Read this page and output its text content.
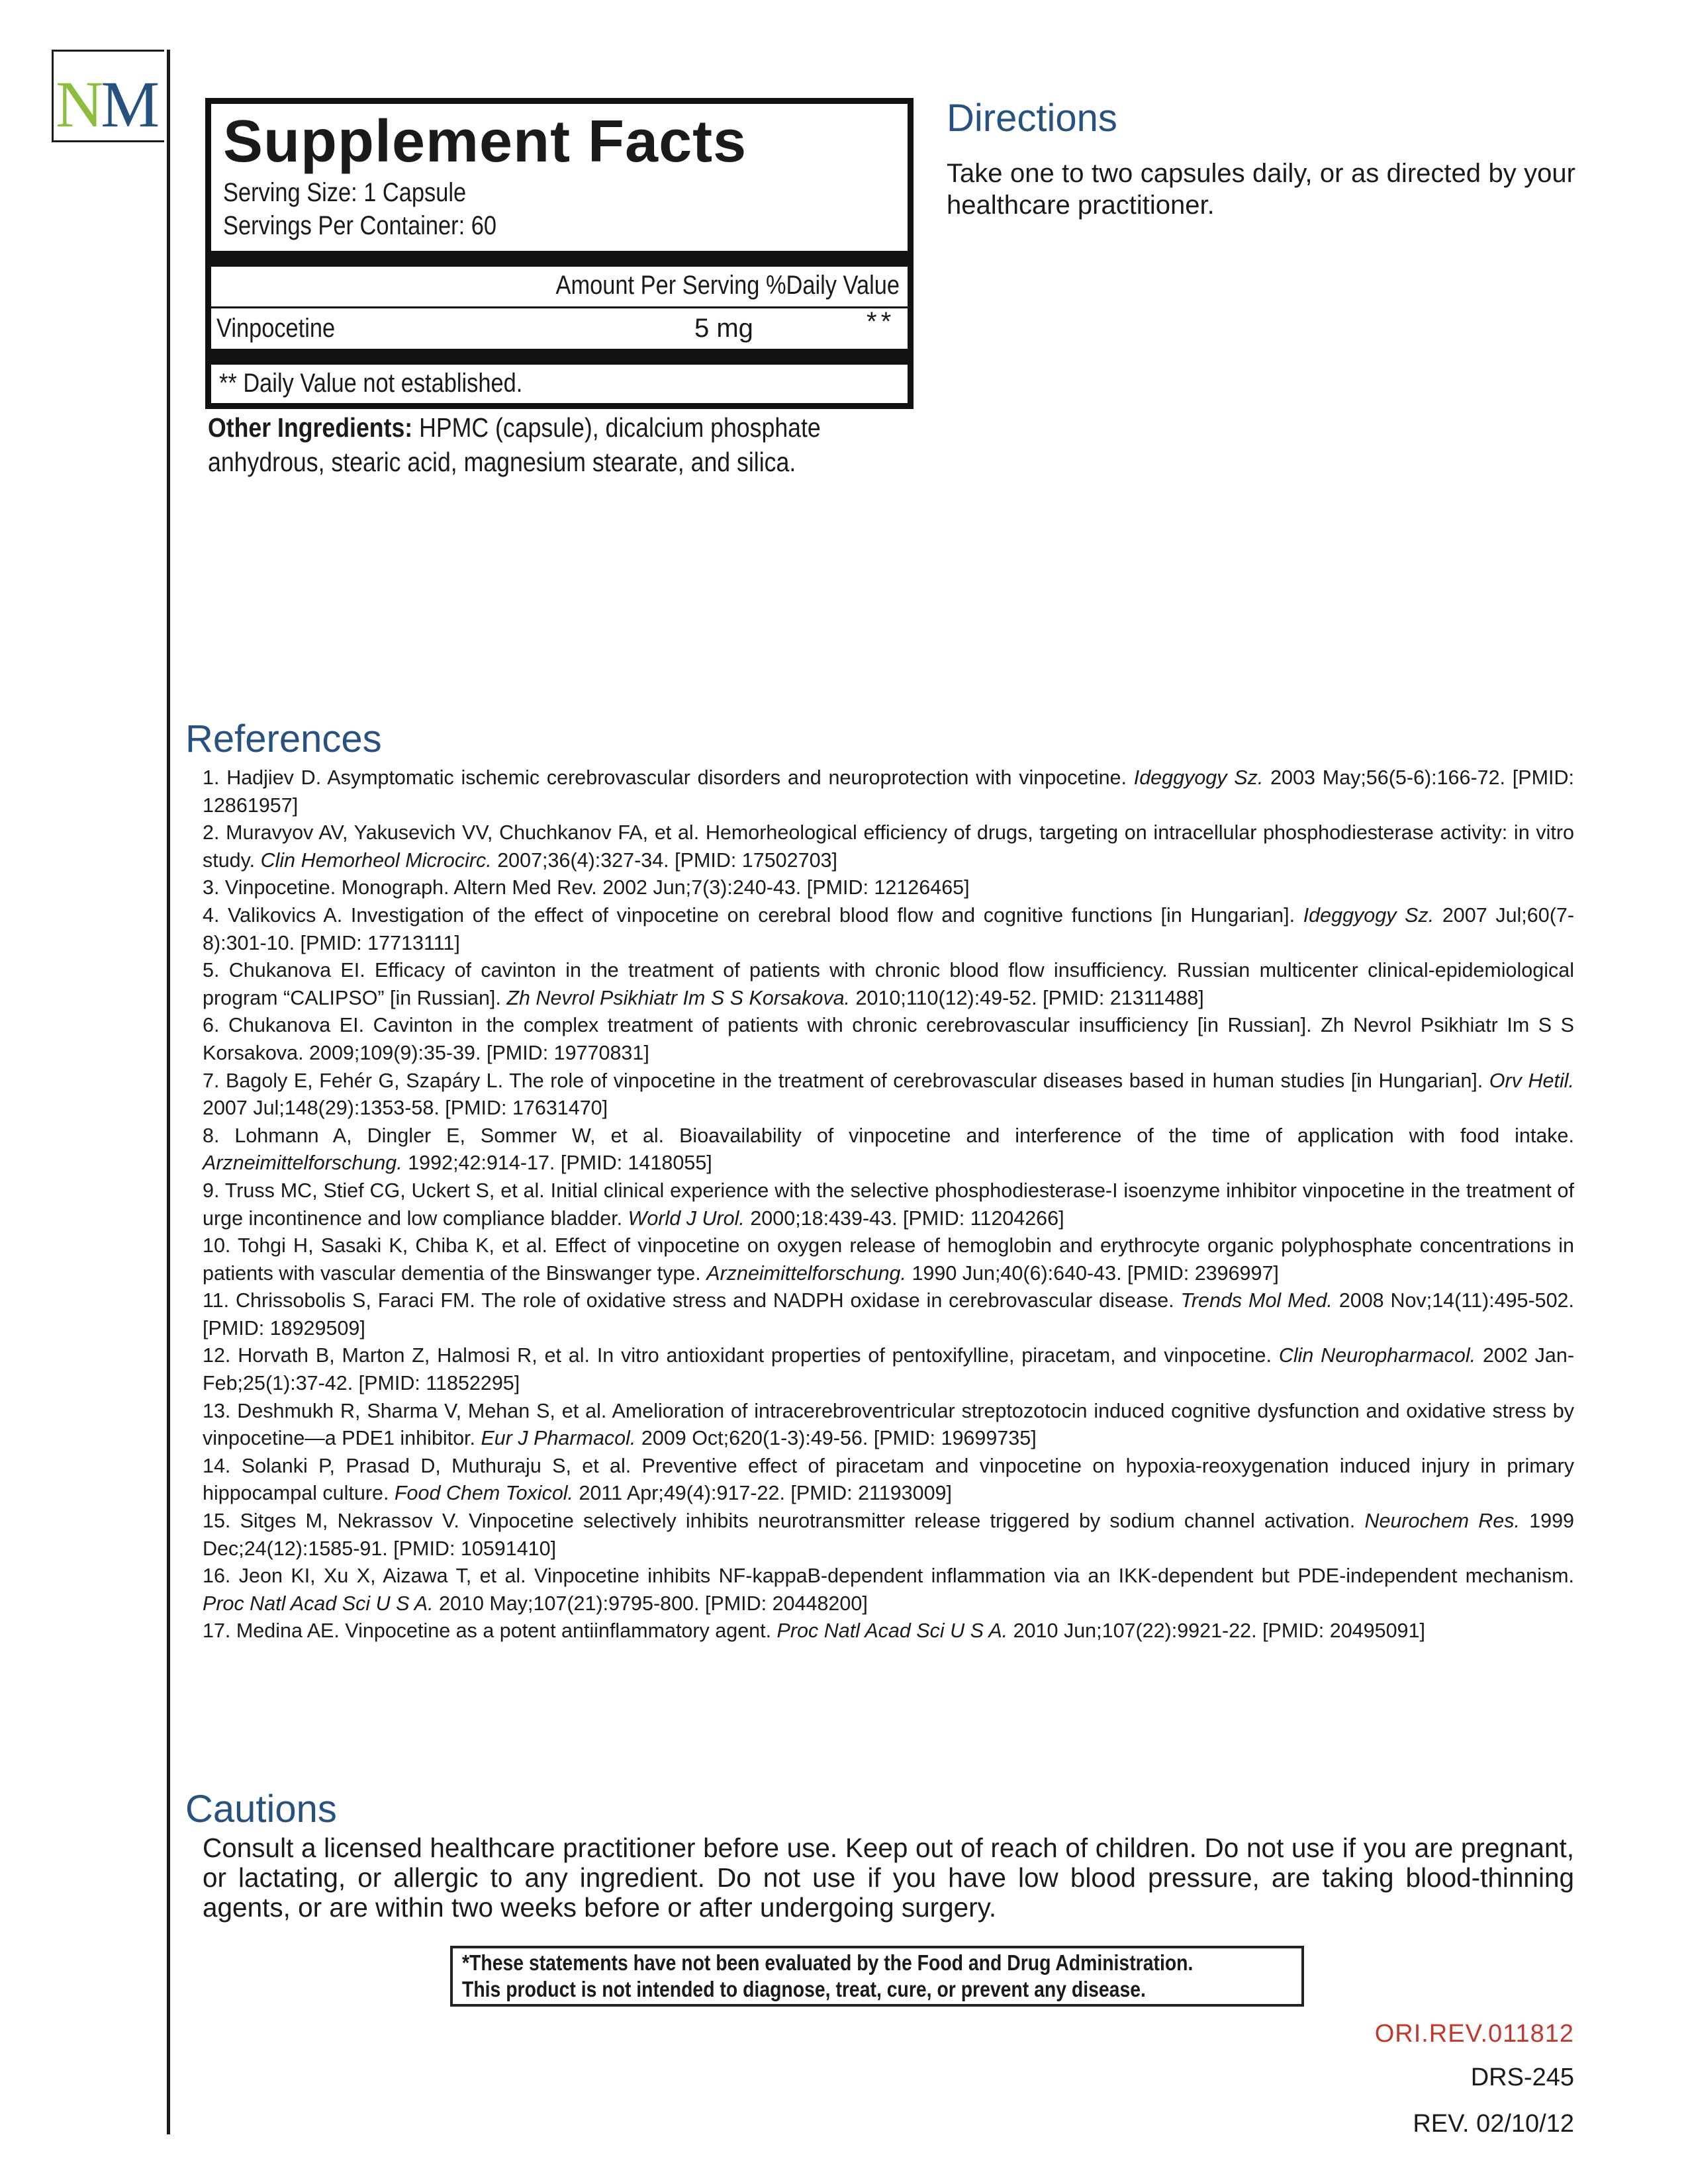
NM
Supplement Facts
Serving Size: 1 Capsule
Servings Per Container: 60
Amount Per Serving %Daily Value
Vinpocetine	5 mg	**
** Daily Value not established.
Other Ingredients: HPMC (capsule), dicalcium phosphate anhydrous, stearic acid, magnesium stearate, and silica.
Directions
Take one to two capsules daily, or as directed by your healthcare practitioner.
References

1. Hadjiev D. Asymptomatic ischemic cerebrovascular disorders and neuroprotection with vinpocetine. Ideggyogy Sz. 2003 May;56(5-6):166-72. [PMID: 12861957]

2. Muravyov AV, Yakusevich VV, Chuchkanov FA, et al. Hemorheological efficiency of drugs, targeting on intracellular phosphodiesterase activity: in vitro study. Clin Hemorheol Microcirc. 2007;36(4):327-34. [PMID: 17502703]

3. Vinpocetine. Monograph. Altern Med Rev. 2002 Jun;7(3):240-43. [PMID: 12126465]

4. Valikovics A. Investigation of the effect of vinpocetine on cerebral blood flow and cognitive functions [in Hungarian]. Ideggyogy Sz. 2007 Jul;60(7-8):301-10. [PMID: 17713111]

5. Chukanova EI. Efficacy of cavinton in the treatment of patients with chronic blood flow insufficiency. Russian multicenter clinical-epidemiological program “CALIPSO” [in Russian]. Zh Nevrol Psikhiatr Im S S Korsakova. 2010;110(12):49-52. [PMID: 21311488]

6. Chukanova EI. Cavinton in the complex treatment of patients with chronic cerebrovascular insufficiency [in Russian]. Zh Nevrol Psikhiatr Im S S Korsakova. 2009;109(9):35-39. [PMID: 19770831]

7. Bagoly E, Fehér G, Szapáry L. The role of vinpocetine in the treatment of cerebrovascular diseases based in human studies [in Hungarian]. Orv Hetil. 2007 Jul;148(29):1353-58. [PMID: 17631470]

8. Lohmann A, Dingler E, Sommer W, et al. Bioavailability of vinpocetine and interference of the time of application with food intake. Arzneimittelforschung. 1992;42:914-17. [PMID: 1418055]

9. Truss MC, Stief CG, Uckert S, et al. Initial clinical experience with the selective phosphodiesterase-I isoenzyme inhibitor vinpocetine in the treatment of urge incontinence and low compliance bladder. World J Urol. 2000;18:439-43. [PMID: 11204266]

10. Tohgi H, Sasaki K, Chiba K, et al. Effect of vinpocetine on oxygen release of hemoglobin and erythrocyte organic polyphosphate concentrations in patients with vascular dementia of the Binswanger type. Arzneimittelforschung. 1990 Jun;40(6):640-43. [PMID: 2396997]

11. Chrissobolis S, Faraci FM. The role of oxidative stress and NADPH oxidase in cerebrovascular disease. Trends Mol Med. 2008 Nov;14(11):495-502. [PMID: 18929509]

12. Horvath B, Marton Z, Halmosi R, et al. In vitro antioxidant properties of pentoxifylline, piracetam, and vinpocetine. Clin Neuropharmacol. 2002 Jan-Feb;25(1):37-42. [PMID: 11852295]

13. Deshmukh R, Sharma V, Mehan S, et al. Amelioration of intracerebroventricular streptozotocin induced cognitive dysfunction and oxidative stress by vinpocetine—a PDE1 inhibitor. Eur J Pharmacol. 2009 Oct;620(1-3):49-56. [PMID: 19699735]

14. Solanki P, Prasad D, Muthuraju S, et al. Preventive effect of piracetam and vinpocetine on hypoxia-reoxygenation induced injury in primary hippocampal culture. Food Chem Toxicol. 2011 Apr;49(4):917-22. [PMID: 21193009]

15. Sitges M, Nekrassov V. Vinpocetine selectively inhibits neurotransmitter release triggered by sodium channel activation. Neurochem Res. 1999 Dec;24(12):1585-91. [PMID: 10591410]

16. Jeon KI, Xu X, Aizawa T, et al. Vinpocetine inhibits NF-kappaB-dependent inflammation via an IKK-dependent but PDE-independent mechanism. Proc Natl Acad Sci U S A. 2010 May;107(21):9795-800. [PMID: 20448200]

17. Medina AE. Vinpocetine as a potent antiinflammatory agent. Proc Natl Acad Sci U S A. 2010 Jun;107(22):9921-22. [PMID: 20495091]

Cautions
Consult a licensed healthcare practitioner before use. Keep out of reach of children. Do not use if you are pregnant, or lactating, or allergic to any ingredient. Do not use if you have low blood pressure, are taking blood-thinning agents, or are within two weeks before or after undergoing surgery.
*These statements have not been evaluated by the Food and Drug Administration.
This product is not intended to diagnose, treat, cure, or prevent any disease.
ORI.REV.011812
DRS-245
REV. 02/10/12
